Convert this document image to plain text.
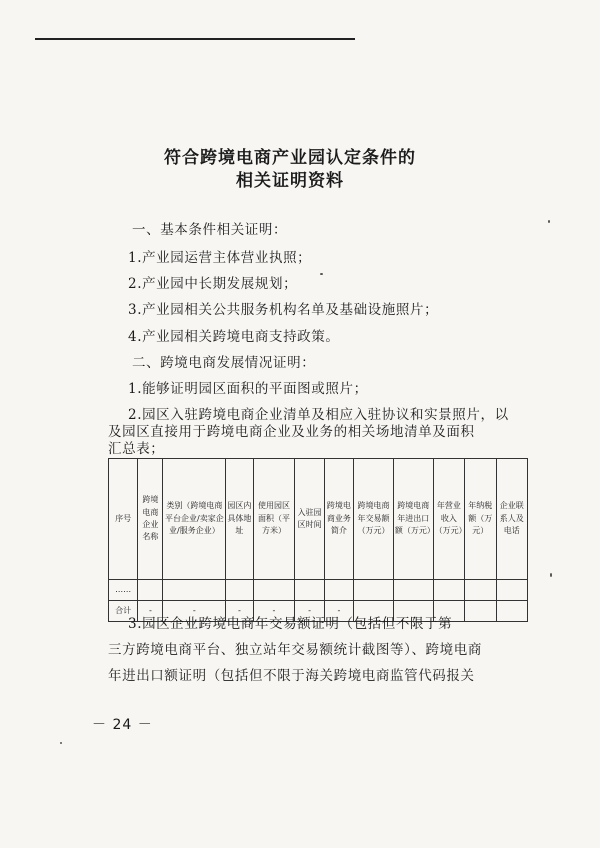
符合跨境电商产业园认定条件的
相关证明资料
一、基本条件相关证明：
1.产业园运营主体营业执照；
2.产业园中长期发展规划；
3.产业园相关公共服务机构名单及基础设施照片；
4.产业园相关跨境电商支持政策。
二、跨境电商发展情况证明：
1.能够证明园区面积的平面图或照片；
2.园区入驻跨境电商企业清单及相应入驻协议和实景照片，以
及园区直接用于跨境电商企业及业务的相关场地清单及面积
汇总表；
序号	跨境电商企业名称	类别（跨境电商平台企业/卖家企业/服务企业）	园区内具体地址	使用园区面积（平方米）	入驻园区时间	跨境电商业务简介	跨境电商年交易额（万元）	跨境电商年进出口额（万元）	年营业收入（万元）	年纳税额（万元）	企业联系人及电话
……											
合计	-	-	-	-	-	-					
3.园区企业跨境电商年交易额证明（包括但不限于第
三方跨境电商平台、独立站年交易额统计截图等）、跨境电商
年进出口额证明（包括但不限于海关跨境电商监管代码报关
－ 24 －
